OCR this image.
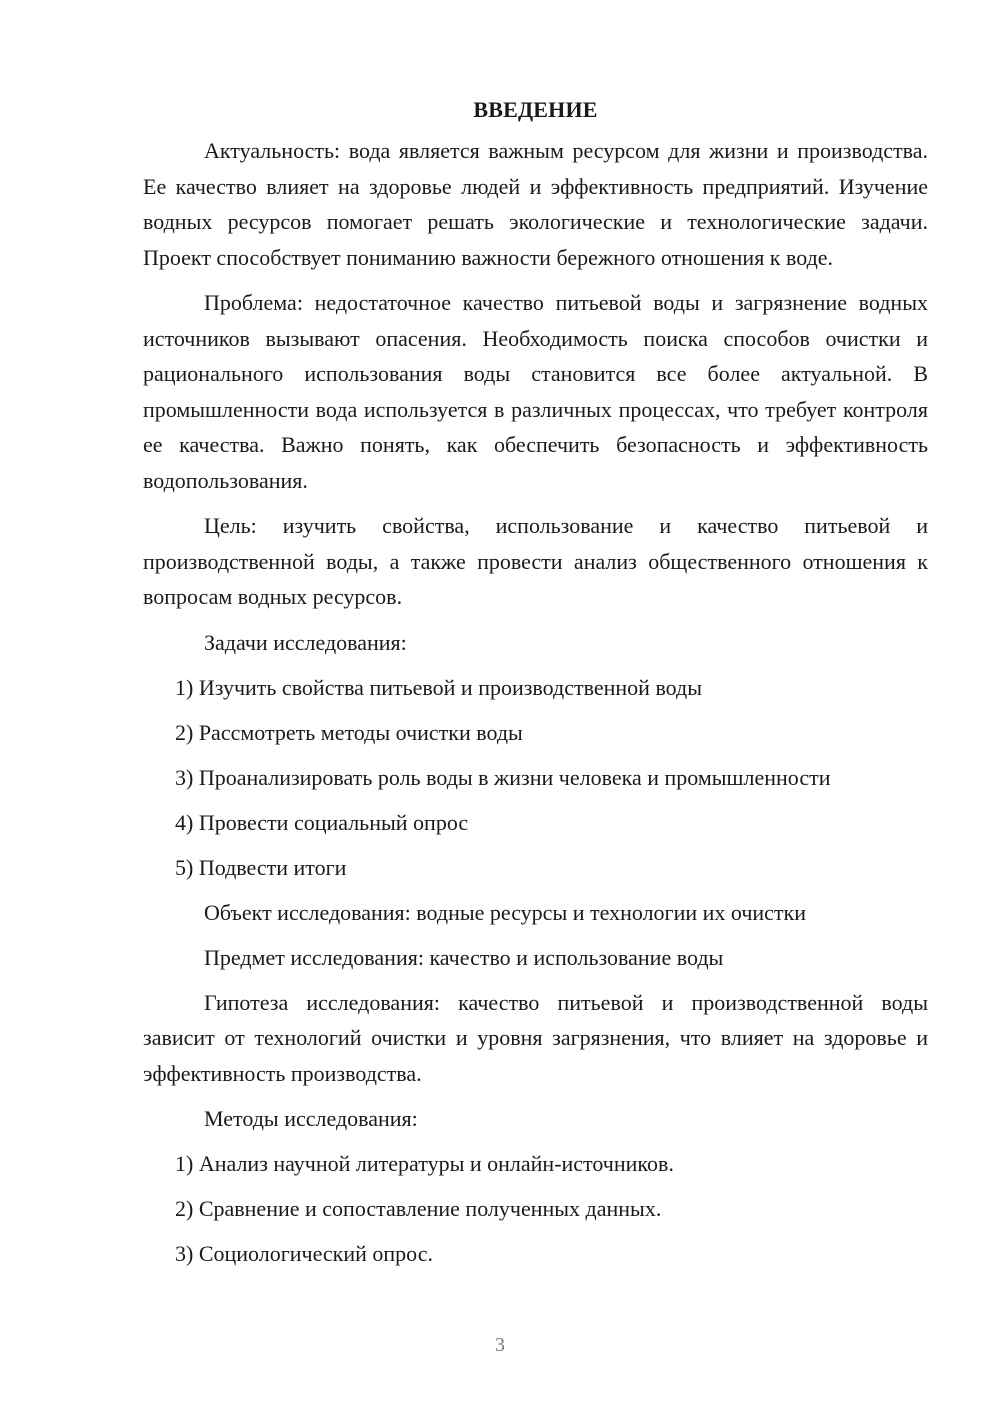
ВВЕДЕНИЕ

Актуальность: вода является важным ресурсом для жизни и производства. Ее качество влияет на здоровье людей и эффективность предприятий. Изучение водных ресурсов помогает решать экологические и технологические задачи. Проект способствует пониманию важности бережного отношения к воде.

Проблема: недостаточное качество питьевой воды и загрязнение водных источников вызывают опасения. Необходимость поиска способов очистки и рационального использования воды становится все более актуальной. В промышленности вода используется в различных процессах, что требует контроля ее качества. Важно понять, как обеспечить безопасность и эффективность водопользования.

Цель: изучить свойства, использование и качество питьевой и производственной воды, а также провести анализ общественного отношения к вопросам водных ресурсов.

Задачи исследования:

1) Изучить свойства питьевой и производственной воды
2) Рассмотреть методы очистки воды
3) Проанализировать роль воды в жизни человека и промышленности
4) Провести социальный опрос
5) Подвести итоги

Объект исследования: водные ресурсы и технологии их очистки

Предмет исследования: качество и использование воды

Гипотеза исследования: качество питьевой и производственной воды зависит от технологий очистки и уровня загрязнения, что влияет на здоровье и эффективность производства.

Методы исследования:

1) Анализ научной литературы и онлайн-источников.
2) Сравнение и сопоставление полученных данных.
3) Социологический опрос.
3
